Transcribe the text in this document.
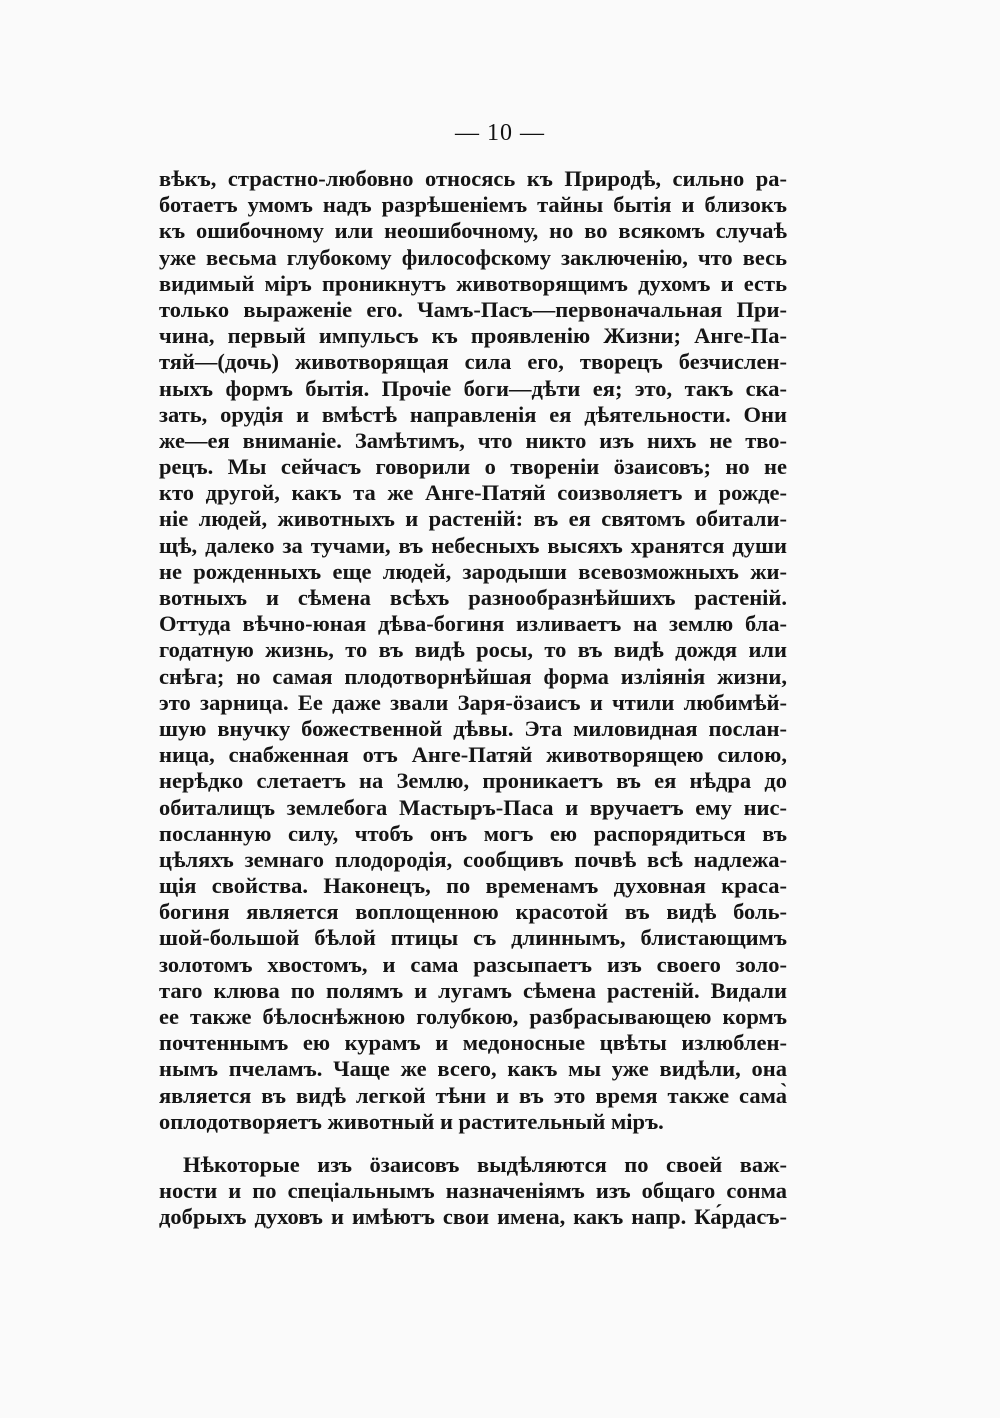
— 10 —
вѣкъ, страстно-любовно относясь къ Природѣ, сильно ра-
ботаетъ умомъ надъ разрѣшеніемъ тайны бытія и близокъ
къ ошибочному или неошибочному, но во всякомъ случаѣ
уже весьма глубокому философскому заключенію, что весь
видимый міръ проникнутъ животворящимъ духомъ и есть
только выраженіе его. Чамъ-Пасъ—первоначальная При-
чина, первый импульсъ къ проявленію Жизни; Анге-Па-
тяй—(дочь) животворящая сила его, творецъ безчислен-
ныхъ формъ бытія. Прочіе боги—дѣти ея; это, такъ ска-
зать, орудія и вмѣстѣ направленія ея дѣятельности. Они
же—ея вниманіе. Замѣтимъ, что никто изъ нихъ не тво-
рецъ. Мы сейчасъ говорили о твореніи ӧзаисовъ; но не
кто другой, какъ та же Анге-Патяй соизволяетъ и рожде-
ніе людей, животныхъ и растеній: въ ея святомъ обитали-
щѣ, далеко за тучами, въ небесныхъ высяхъ хранятся души
не рожденныхъ еще людей, зародыши всевозможныхъ жи-
вотныхъ и сѣмена всѣхъ разнообразнѣйшихъ растеній.
Оттуда вѣчно-юная дѣва-богиня изливаетъ на землю бла-
годатную жизнь, то въ видѣ росы, то въ видѣ дождя или
снѣга; но самая плодотворнѣйшая форма изліянія жизни,
это зарница. Ее даже звали Заря-ӧзаисъ и чтили любимѣй-
шую внучку божественной дѣвы. Эта миловидная послан-
ница, снабженная отъ Анге-Патяй животворящею силою,
нерѣдко слетаетъ на Землю, проникаетъ въ ея нѣдра до
обиталищъ землебога Мастыръ-Паса и вручаетъ ему нис-
посланную силу, чтобъ онъ могъ ею распорядиться въ
цѣляхъ земнаго плодородія, сообщивъ почвѣ всѣ надлежа-
щія свойства. Наконецъ, по временамъ духовная краса-
богиня является воплощенною красотой въ видѣ боль-
шой-большой бѣлой птицы съ длиннымъ, блистающимъ
золотомъ хвостомъ, и сама разсыпаетъ изъ своего золо-
таго клюва по полямъ и лугамъ сѣмена растеній. Видали
ее также бѣлоснѣжною голубкою, разбрасывающею кормъ
почтеннымъ ею курамъ и медоносные цвѣты излюблен-
нымъ пчеламъ. Чаще же всего, какъ мы уже видѣли, она
является въ видѣ легкой тѣни и въ это время также сама̀
оплодотворяетъ животный и растительный міръ.
Нѣкоторые изъ ӧзаисовъ выдѣляются по своей важ-
ности и по спеціальнымъ назначеніямъ изъ общаго сонма
добрыхъ духовъ и имѣютъ свои имена, какъ напр. Ка́рдасъ-
